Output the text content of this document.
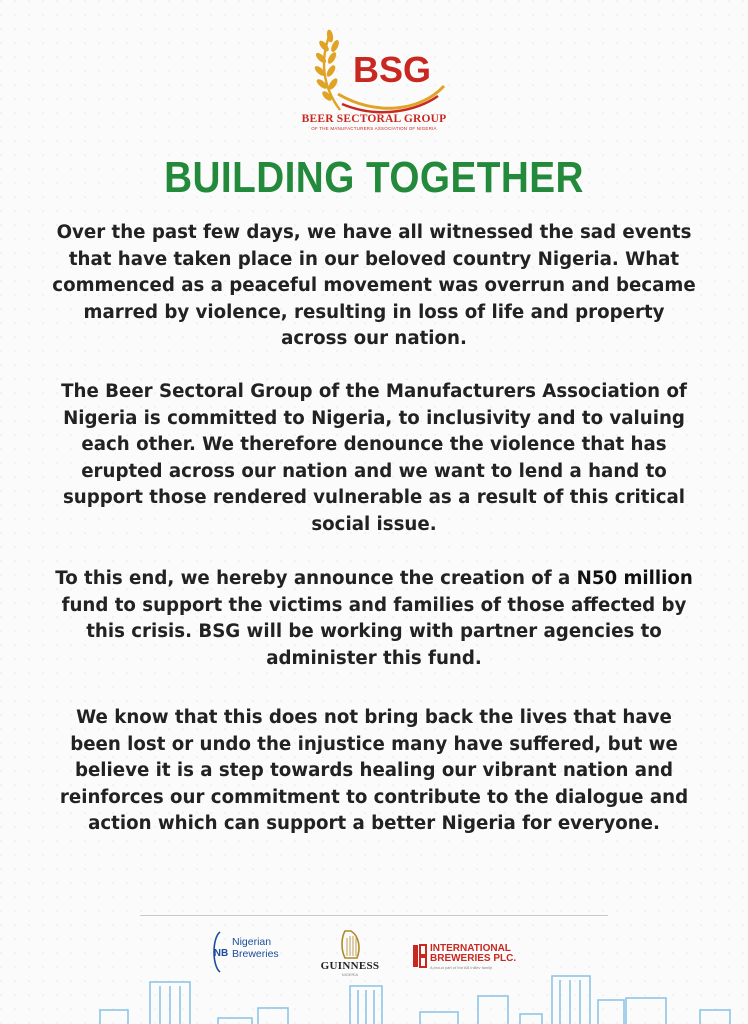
BSG
BEER SECTORAL GROUP
OF THE MANUFACTURERS ASSOCIATION OF NIGERIA
BUILDING TOGETHER
Over the past few days, we have all witnessed the sad events that have taken place in our beloved country Nigeria. What commenced as a peaceful movement was overrun and became marred by violence, resulting in loss of life and property across our nation.
The Beer Sectoral Group of the Manufacturers Association of Nigeria is committed to Nigeria, to inclusivity and to valuing each other. We therefore denounce the violence that has erupted across our nation and we want to lend a hand to support those rendered vulnerable as a result of this critical social issue.
To this end, we hereby announce the creation of a N50 million fund to support the victims and families of those affected by this crisis. BSG will be working with partner agencies to administer this fund.
We know that this does not bring back the lives that have been lost or undo the injustice many have suffered, but we believe it is a step towards healing our vibrant nation and reinforces our commitment to contribute to the dialogue and action which can support a better Nigeria for everyone.
NB
Nigerian
Breweries
GUINNESS
NIGERIA
INTERNATIONAL
BREWERIES PLC.
A proud part of the AB InBev family
